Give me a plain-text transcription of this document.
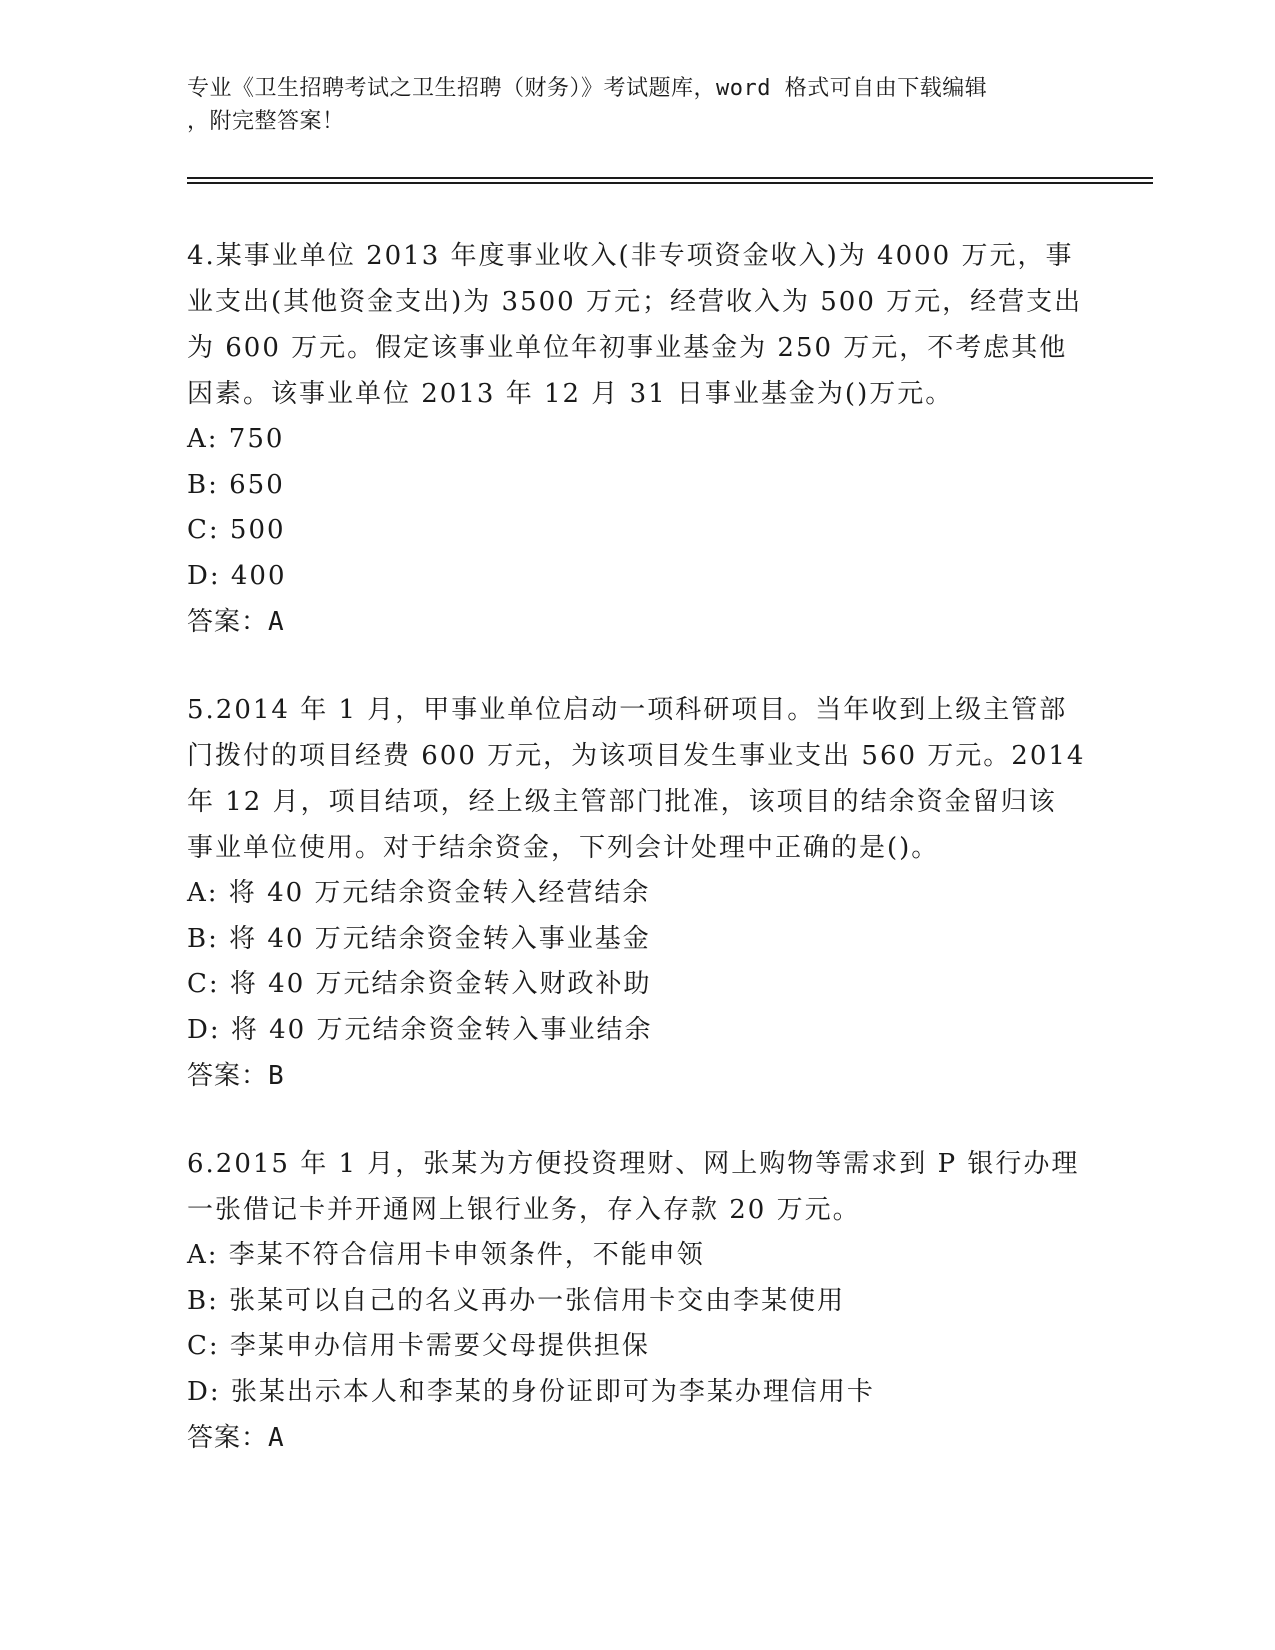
专业《卫生招聘考试之卫生招聘（财务）》考试题库，word 格式可自由下载编辑
，附完整答案！
4.某事业单位 2013 年度事业收入(非专项资金收入)为 4000 万元，事
业支出(其他资金支出)为 3500 万元；经营收入为 500 万元，经营支出
为 600 万元。假定该事业单位年初事业基金为 250 万元，不考虑其他
因素。该事业单位 2013 年 12 月 31 日事业基金为()万元。
A: 750
B: 650
C: 500
D: 400
答案：A
5.2014 年 1 月，甲事业单位启动一项科研项目。当年收到上级主管部
门拨付的项目经费 600 万元，为该项目发生事业支出 560 万元。2014
年 12 月，项目结项，经上级主管部门批准，该项目的结余资金留归该
事业单位使用。对于结余资金，下列会计处理中正确的是()。
A: 将 40 万元结余资金转入经营结余
B: 将 40 万元结余资金转入事业基金
C: 将 40 万元结余资金转入财政补助
D: 将 40 万元结余资金转入事业结余
答案：B
6.2015 年 1 月，张某为方便投资理财、网上购物等需求到 P 银行办理
一张借记卡并开通网上银行业务，存入存款 20 万元。
A: 李某不符合信用卡申领条件，不能申领
B: 张某可以自己的名义再办一张信用卡交由李某使用
C: 李某申办信用卡需要父母提供担保
D: 张某出示本人和李某的身份证即可为李某办理信用卡
答案：A
